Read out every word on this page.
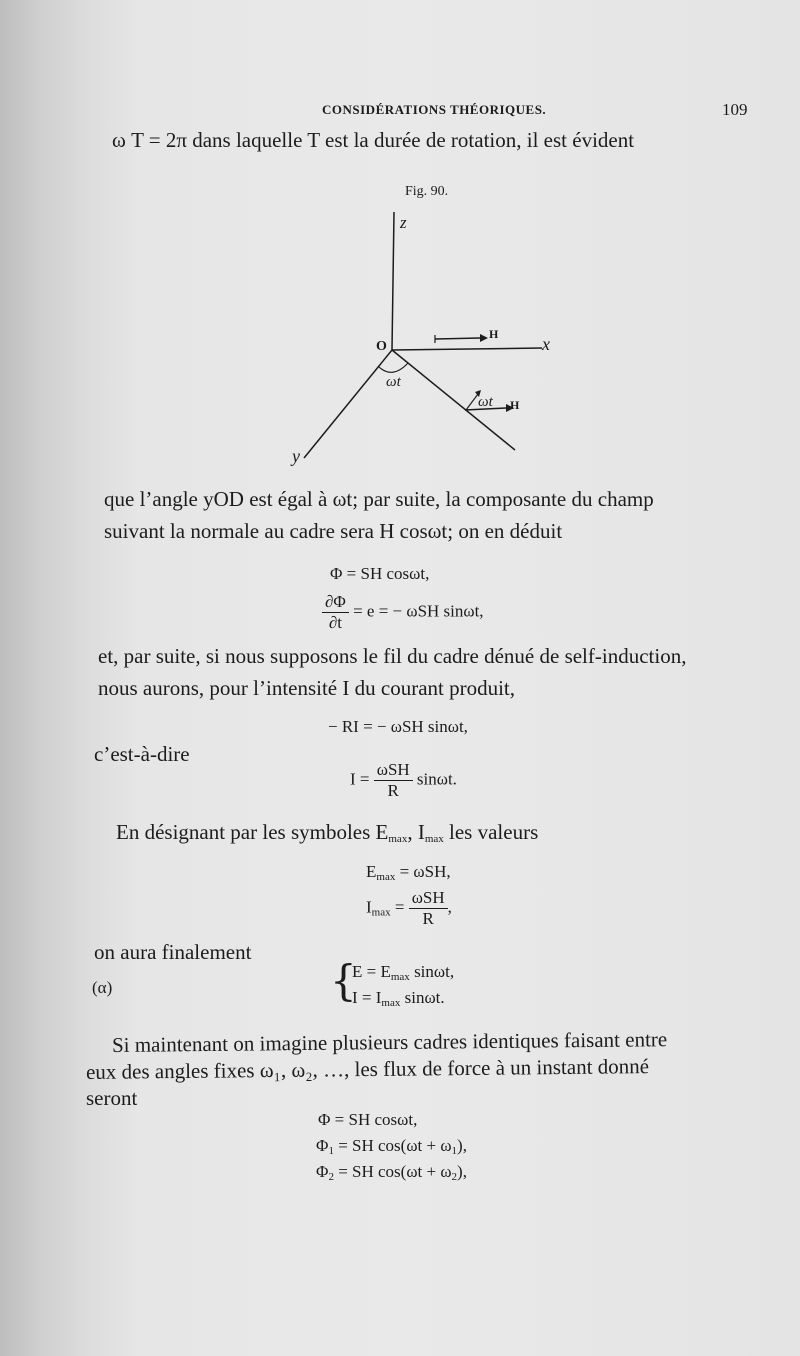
CONSIDÉRATIONS THÉORIQUES.	109
ω T = 2π dans laquelle T est la durée de rotation, il est évident
Fig. 90.
z
x
y
O
H
H
ωt
ωt
que l’angle yOD est égal à ωt; par suite, la composante du champ
suivant la normale au cadre sera H cosωt; on en déduit
Φ = SH cosωt,
$\frac{\partial\Phi}{\partial t} = e$ = − ωSH sinωt,
et, par suite, si nous supposons le fil du cadre dénué de self-induction,
nous aurons, pour l’intensité I du courant produit,
− RI = − ωSH sinωt,
c’est-à-dire
$I = \frac{\text{ωSH}}{R} \sin\omega t$.
En désignant par les symboles $E_{max}$, $I_{max}$ les valeurs
$E_{max} = \omega SH$,
$I_{max} = \frac{\text{ωSH}}{R}$ ,
on aura finalement
(α)	{
$E = E_{max}$ sinωt,
$I = I_{max}$ sinωt.
Si maintenant on imagine plusieurs cadres identiques faisant entre
eux des angles fixes ω₁, ω₂, …, les flux de force à un instant donné
seront
Φ = SH cosωt,
$\Phi_1$ = SH $\cos(\omega t + \omega_1)$,
$\Phi_2$ = SH $\cos(\omega t + \omega_2)$,
